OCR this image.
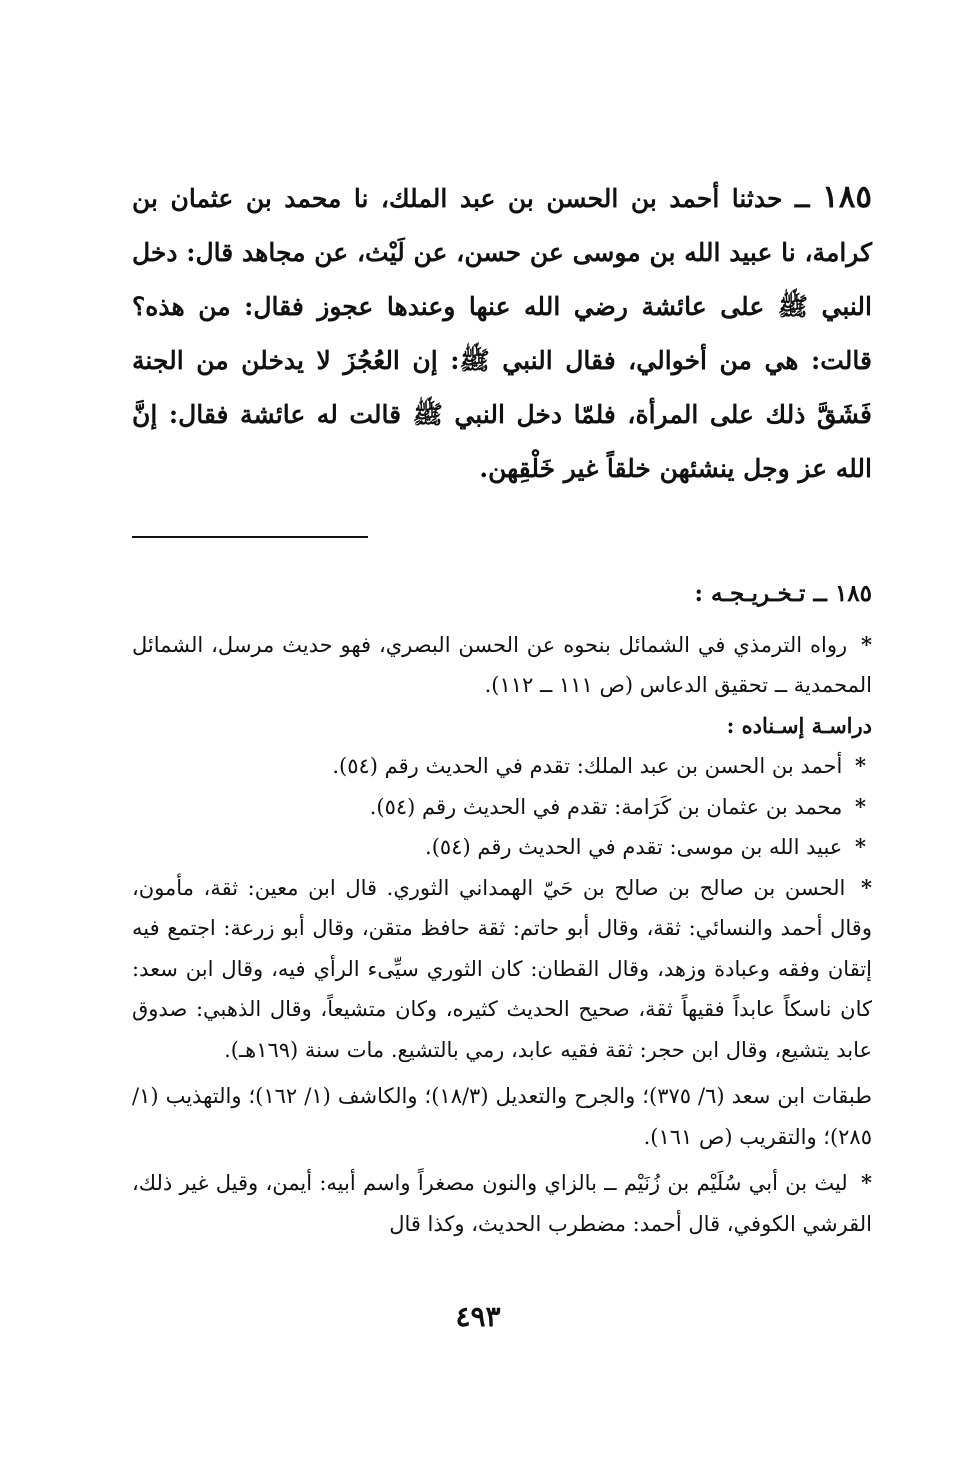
١٨٥ ــ حدثنا أحمد بن الحسن بن عبد الملك، نا محمد بن عثمان بن كرامة، نا عبيد الله بن موسى عن حسن، عن لَيْث، عن مجاهد قال: دخل النبي ﷺ على عائشة رضي الله عنها وعندها عجوز فقال: من هذه؟ قالت: هي من أخوالي، فقال النبي ﷺ: إن العُجُزَ لا يدخلن من الجنة فَشَقَّ ذلك على المرأة، فلمّا دخل النبي ﷺ قالت له عائشة فقال: إنَّ الله عز وجل ينشئهن خلقاً غير خَلْقِهن.

١٨٥ ــ تـخـريـجـه :

* رواه الترمذي في الشمائل بنحوه عن الحسن البصري، فهو حديث مرسل، الشمائل المحمدية ــ تحقيق الدعاس (ص ١١١ ــ ١١٢).

دراسـة إسـناده :

* أحمد بن الحسن بن عبد الملك: تقدم في الحديث رقم (٥٤).

* محمد بن عثمان بن كَرَامة: تقدم في الحديث رقم (٥٤).

* عبيد الله بن موسى: تقدم في الحديث رقم (٥٤).

* الحسن بن صالح بن صالح بن حَيّ الهمداني الثوري. قال ابن معين: ثقة، مأمون، وقال أحمد والنسائي: ثقة، وقال أبو حاتم: ثقة حافظ متقن، وقال أبو زرعة: اجتمع فيه إتقان وفقه وعبادة وزهد، وقال القطان: كان الثوري سيِّىء الرأي فيه، وقال ابن سعد: كان ناسكاً عابداً فقيهاً ثقة، صحيح الحديث كثيره، وكان متشيعاً، وقال الذهبي: صدوق عابد يتشيع، وقال ابن حجر: ثقة فقيه عابد، رمي بالتشيع. مات سنة (١٦٩هـ).

طبقات ابن سعد (٦/ ٣٧٥)؛ والجرح والتعديل (١٨/٣)؛ والكاشف (١/ ١٦٢)؛ والتهذيب (١/ ٢٨٥)؛ والتقريب (ص ١٦١).

* ليث بن أبي سُلَيْم بن زُنَيْم ــ بالزاي والنون مصغراً واسم أبيه: أيمن، وقيل غير ذلك، القرشي الكوفي، قال أحمد: مضطرب الحديث، وكذا قال

٤٩٣
